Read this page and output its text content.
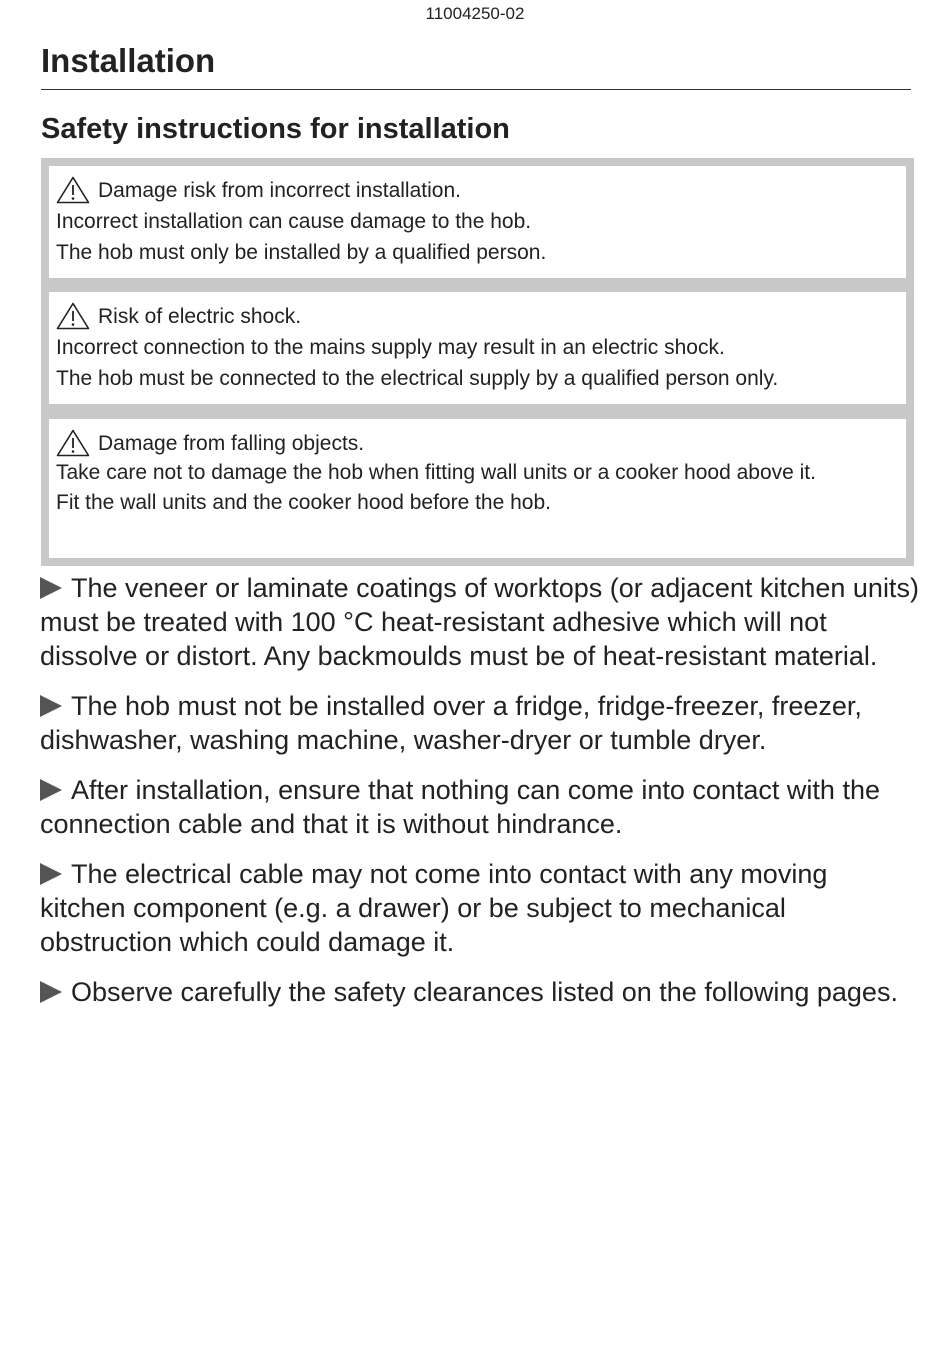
11004250-02
Installation
Safety instructions for installation
Damage risk from incorrect installation.
Incorrect installation can cause damage to the hob.
The hob must only be installed by a qualified person.
Risk of electric shock.
Incorrect connection to the mains supply may result in an electric shock.
The hob must be connected to the electrical supply by a qualified person only.
Damage from falling objects.
Take care not to damage the hob when fitting wall units or a cooker hood above it.
Fit the wall units and the cooker hood before the hob.

The veneer or laminate coatings of worktops (or adjacent kitchen units) must be treated with 100 °C heat-resistant adhesive which will not dissolve or distort. Any backmoulds must be of heat-resistant material.

The hob must not be installed over a fridge, fridge-freezer, freezer, dishwasher, washing machine, washer-dryer or tumble dryer.

After installation, ensure that nothing can come into contact with the connection cable and that it is without hindrance.

The electrical cable may not come into contact with any moving kitchen component (e.g. a drawer) or be subject to mechanical obstruction which could damage it.

Observe carefully the safety clearances listed on the following pages.
